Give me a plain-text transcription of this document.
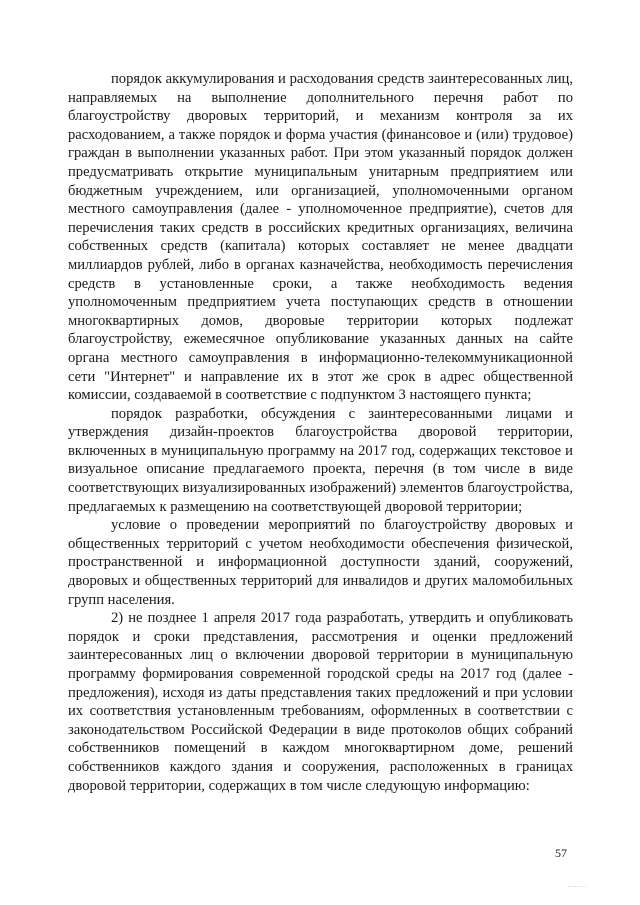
порядок аккумулирования и расходования средств заинтересованных лиц, направляемых на выполнение дополнительного перечня работ по благоустройству дворовых территорий, и механизм контроля за их расходованием, а также порядок и форма участия (финансовое и (или) трудовое) граждан в выполнении указанных работ. При этом указанный порядок должен предусматривать открытие муниципальным унитарным предприятием или бюджетным учреждением, или организацией, уполномоченными органом местного самоуправления (далее - уполномоченное предприятие), счетов для перечисления таких средств в российских кредитных организациях, величина собственных средств (капитала) которых составляет не менее двадцати миллиардов рублей, либо в органах казначейства, необходимость перечисления средств в установленные сроки, а также необходимость ведения уполномоченным предприятием учета поступающих средств в отношении многоквартирных домов, дворовые территории которых подлежат благоустройству, ежемесячное опубликование указанных данных на сайте органа местного самоуправления в информационно-телекоммуникационной сети "Интернет" и направление их в этот же срок в адрес общественной комиссии, создаваемой в соответствие с подпунктом 3 настоящего пункта;

порядок разработки, обсуждения с заинтересованными лицами и утверждения дизайн-проектов благоустройства дворовой территории, включенных в муниципальную программу на 2017 год, содержащих текстовое и визуальное описание предлагаемого проекта, перечня (в том числе в виде соответствующих визуализированных изображений) элементов благоустройства, предлагаемых к размещению на соответствующей дворовой территории;

условие о проведении мероприятий по благоустройству дворовых и общественных территорий с учетом необходимости обеспечения физической, пространственной и информационной доступности зданий, сооружений, дворовых и общественных территорий для инвалидов и других маломобильных групп населения.

2) не позднее 1 апреля 2017 года разработать, утвердить и опубликовать порядок и сроки представления, рассмотрения и оценки предложений заинтересованных лиц о включении дворовой территории в муниципальную программу формирования современной городской среды на 2017 год (далее - предложения), исходя из даты представления таких предложений и при условии их соответствия установленным требованиям, оформленных в соответствии с законодательством Российской Федерации в виде протоколов общих собраний собственников помещений в каждом многоквартирном доме, решений собственников каждого здания и сооружения, расположенных в границах дворовой территории, содержащих в том числе следующую информацию:

57
